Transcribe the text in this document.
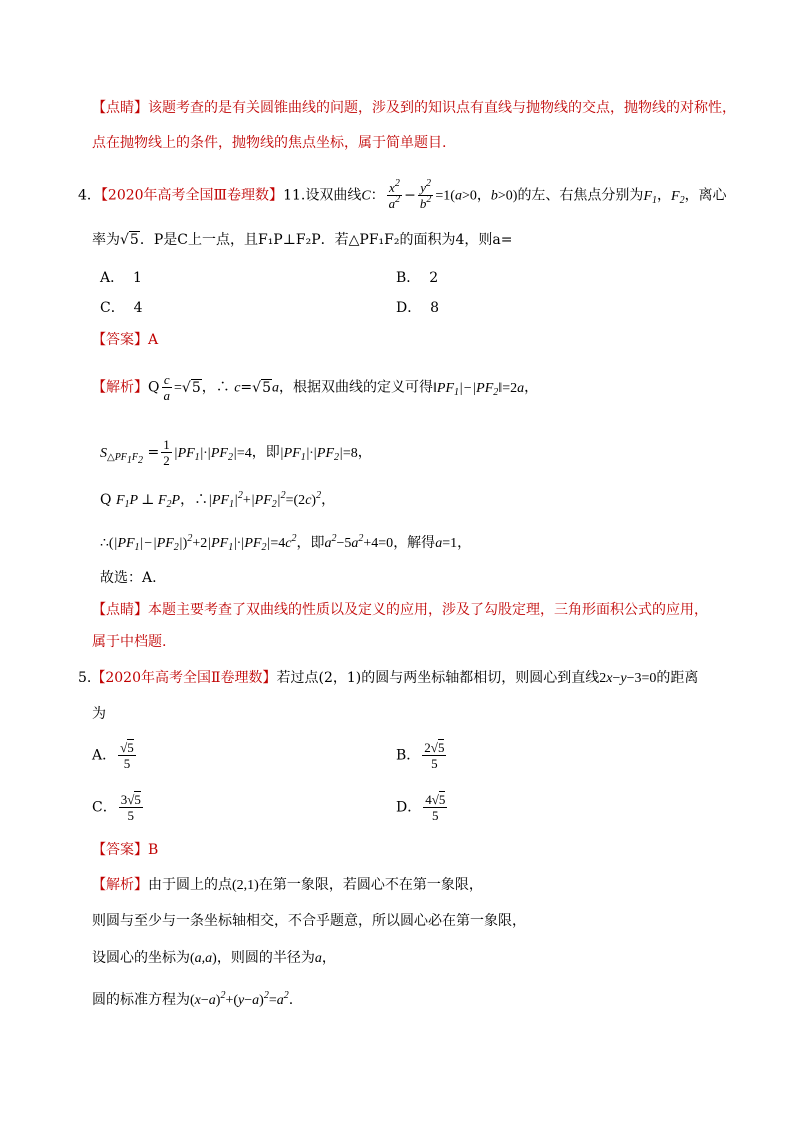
【点睛】该题考查的是有关圆锥曲线的问题，涉及到的知识点有直线与抛物线的交点，抛物线的对称性，
点在抛物线上的条件，抛物线的焦点坐标，属于简单题目.
4．【2020年高考全国Ⅲ卷理数】11.设双曲线C： $\frac{x^2}{a^2} - \frac{y^2}{b^2} =1(a>0$，b>0)的左、右焦点分别为$F_1$，$F_2$，离心
率为√5．P是C上一点，且F₁P⊥F₂P．若△PF₁F₂的面积为4，则a=
A． 1	B． 2
C． 4	D． 8
【答案】A
【解析】Q $\frac{c}{a} =√5$，∴ c=√5a，根据双曲线的定义可得$‖PF_1|-|PF_2‖=2a$，
$S_{\triangle PF_1F_2} = \frac{1}{2} |PF_1|\cdot|PF_2|=4$，即$|PF_1|\cdot|PF_2|=8$，
Q $F_1P$ ⊥ $F_2P$，$\therefore|PF_1|^2+|PF_2|^2=(2c)^2$，
$\therefore(|PF_1|-|PF_2|)^2+2|PF_1|\cdot|PF_2|=4c^2$，即$a^2-5a^2+4=0$，解得a=1，
故选：A.
【点睛】本题主要考查了双曲线的性质以及定义的应用，涉及了勾股定理，三角形面积公式的应用，
属于中档题.
5.【2020年高考全国Ⅱ卷理数】若过点(2，1)的圆与两坐标轴都相切，则圆心到直线2x−y−3=0的距离
为
A． $\frac{√5}{5}$	B． $\frac{2√5}{5}$
C． $\frac{3√5}{5}$	D． $\frac{4√5}{5}$
【答案】B
【解析】由于圆上的点(2,1)在第一象限，若圆心不在第一象限，
则圆与至少与一条坐标轴相交，不合乎题意，所以圆心必在第一象限，
设圆心的坐标为(a,a)，则圆的半径为a，
圆的标准方程为$(x-a)^2+(y-a)^2=a^2$.
